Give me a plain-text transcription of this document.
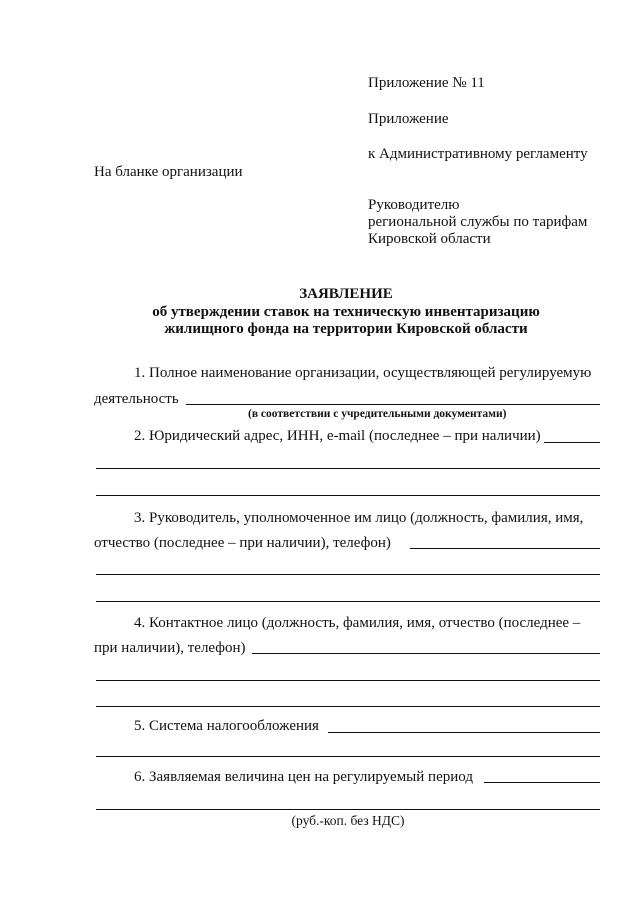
Приложение № 11
Приложение
к Административному регламенту
На бланке организации
Руководителю
региональной службы по тарифам
Кировской области
ЗАЯВЛЕНИЕ
об утверждении ставок на техническую инвентаризацию
жилищного фонда на территории Кировской области
1. Полное наименование организации, осуществляющей регулируемую
деятельность
(в соответствии с учредительными документами)
2. Юридический адрес, ИНН, e-mail (последнее – при наличии)
3. Руководитель, уполномоченное им лицо (должность, фамилия, имя,
отчество (последнее – при наличии), телефон)
4. Контактное лицо (должность, фамилия, имя, отчество (последнее –
при наличии), телефон)
5. Система налогообложения
6. Заявляемая величина цен на регулируемый период
(руб.-коп. без НДС)
